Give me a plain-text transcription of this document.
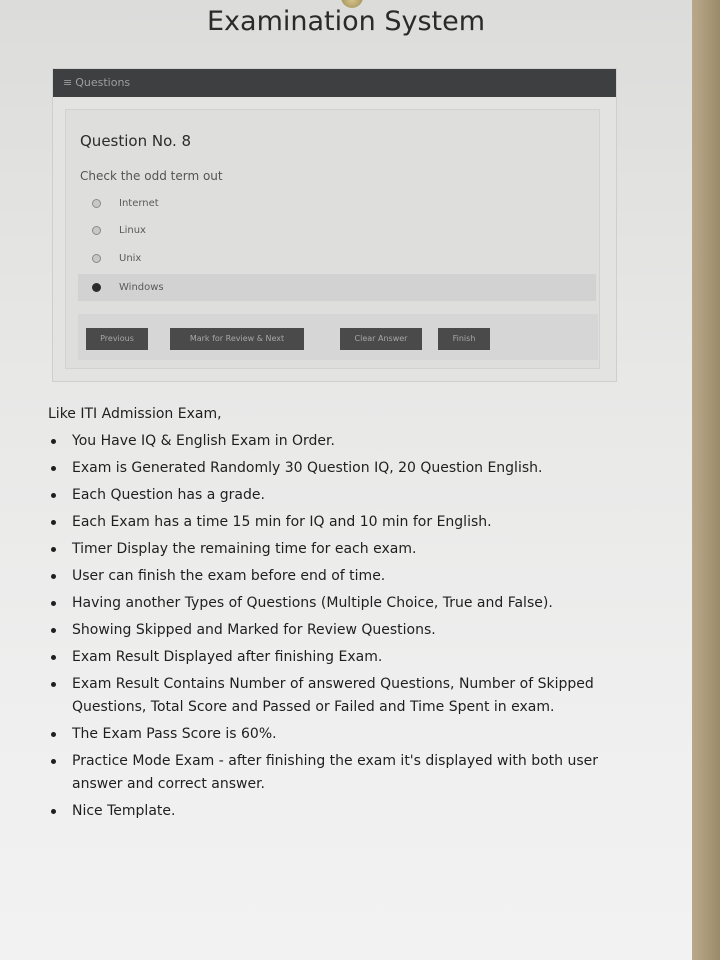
Examination System
≡ Questions
Question No. 8
Check the odd term out
Internet
Linux
Unix
Windows
Previous	Mark for Review & Next	Clear Answer	Finish

Like ITI Admission Exam,

You Have IQ & English Exam in Order.
Exam is Generated Randomly 30 Question IQ, 20 Question English.
Each Question has a grade.
Each Exam has a time 15 min for IQ and 10 min for English.
Timer Display the remaining time for each exam.
User can finish the exam before end of time.
Having another Types of Questions (Multiple Choice, True and False).
Showing Skipped and Marked for Review Questions.
Exam Result Displayed after finishing Exam.
Exam Result Contains Number of answered Questions, Number of Skipped Questions, Total Score and Passed or Failed and Time Spent in exam.
The Exam Pass Score is 60%.
Practice Mode Exam - after finishing the exam it's displayed with both user answer and correct answer.
Nice Template.
